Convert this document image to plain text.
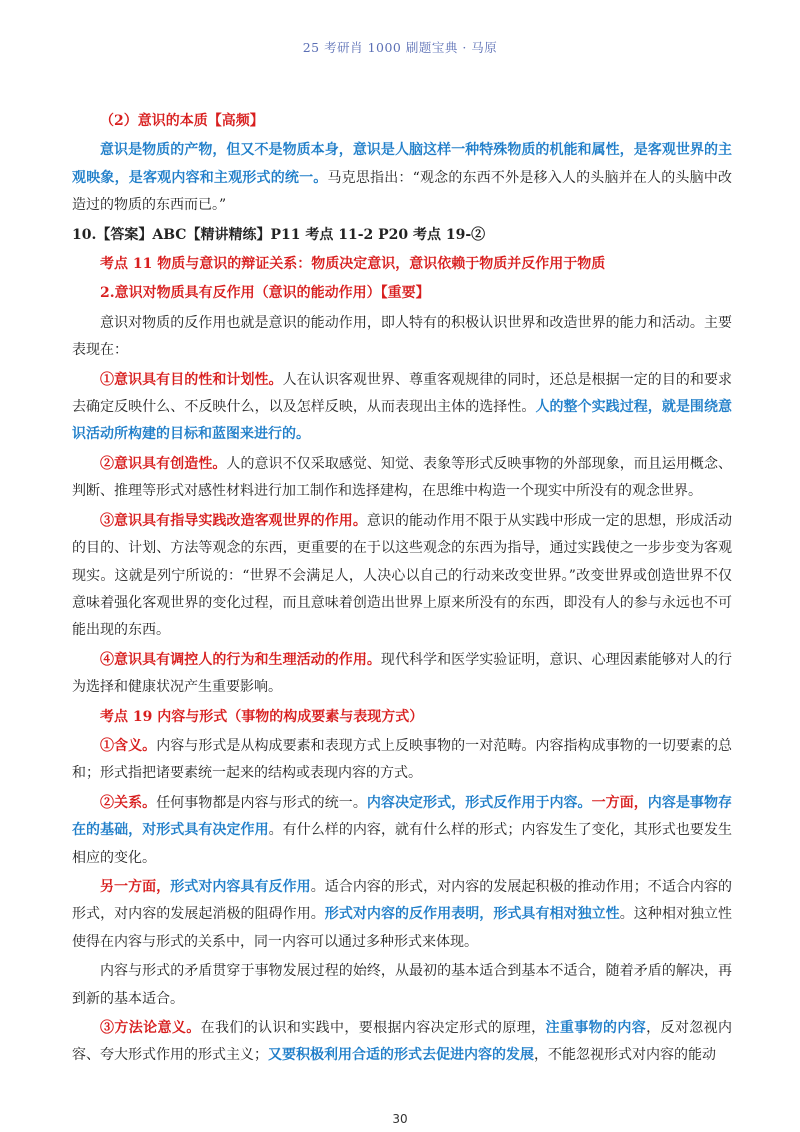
25 考研肖 1000 刷题宝典 · 马原

（2）意识的本质【高频】

意识是物质的产物，但又不是物质本身，意识是人脑这样一种特殊物质的机能和属性，是客观世界的主观映象，是客观内容和主观形式的统一。马克思指出：“观念的东西不外是移入人的头脑并在人的头脑中改造过的物质的东西而已。”

10.【答案】ABC【精讲精练】P11 考点 11-2 P20 考点 19-②

考点 11 物质与意识的辩证关系：物质决定意识，意识依赖于物质并反作用于物质

2.意识对物质具有反作用（意识的能动作用）【重要】

意识对物质的反作用也就是意识的能动作用，即人特有的积极认识世界和改造世界的能力和活动。主要表现在：

①意识具有目的性和计划性。人在认识客观世界、尊重客观规律的同时，还总是根据一定的目的和要求去确定反映什么、不反映什么，以及怎样反映，从而表现出主体的选择性。人的整个实践过程，就是围绕意识活动所构建的目标和蓝图来进行的。

②意识具有创造性。人的意识不仅采取感觉、知觉、表象等形式反映事物的外部现象，而且运用概念、判断、推理等形式对感性材料进行加工制作和选择建构，在思维中构造一个现实中所没有的观念世界。

③意识具有指导实践改造客观世界的作用。意识的能动作用不限于从实践中形成一定的思想，形成活动的目的、计划、方法等观念的东西，更重要的在于以这些观念的东西为指导，通过实践使之一步步变为客观现实。这就是列宁所说的：“世界不会满足人，人决心以自己的行动来改变世界。”改变世界或创造世界不仅意味着强化客观世界的变化过程，而且意味着创造出世界上原来所没有的东西，即没有人的参与永远也不可能出现的东西。

④意识具有调控人的行为和生理活动的作用。现代科学和医学实验证明，意识、心理因素能够对人的行为选择和健康状况产生重要影响。

考点 19 内容与形式（事物的构成要素与表现方式）

①含义。内容与形式是从构成要素和表现方式上反映事物的一对范畴。内容指构成事物的一切要素的总和；形式指把诸要素统一起来的结构或表现内容的方式。

②关系。任何事物都是内容与形式的统一。内容决定形式，形式反作用于内容。一方面，内容是事物存在的基础，对形式具有决定作用。有什么样的内容，就有什么样的形式；内容发生了变化，其形式也要发生相应的变化。

另一方面，形式对内容具有反作用。适合内容的形式，对内容的发展起积极的推动作用；不适合内容的形式，对内容的发展起消极的阻碍作用。形式对内容的反作用表明，形式具有相对独立性。这种相对独立性使得在内容与形式的关系中，同一内容可以通过多种形式来体现。

内容与形式的矛盾贯穿于事物发展过程的始终，从最初的基本适合到基本不适合，随着矛盾的解决，再到新的基本适合。

③方法论意义。在我们的认识和实践中，要根据内容决定形式的原理，注重事物的内容，反对忽视内容、夸大形式作用的形式主义；又要积极利用合适的形式去促进内容的发展，不能忽视形式对内容的能动

30
